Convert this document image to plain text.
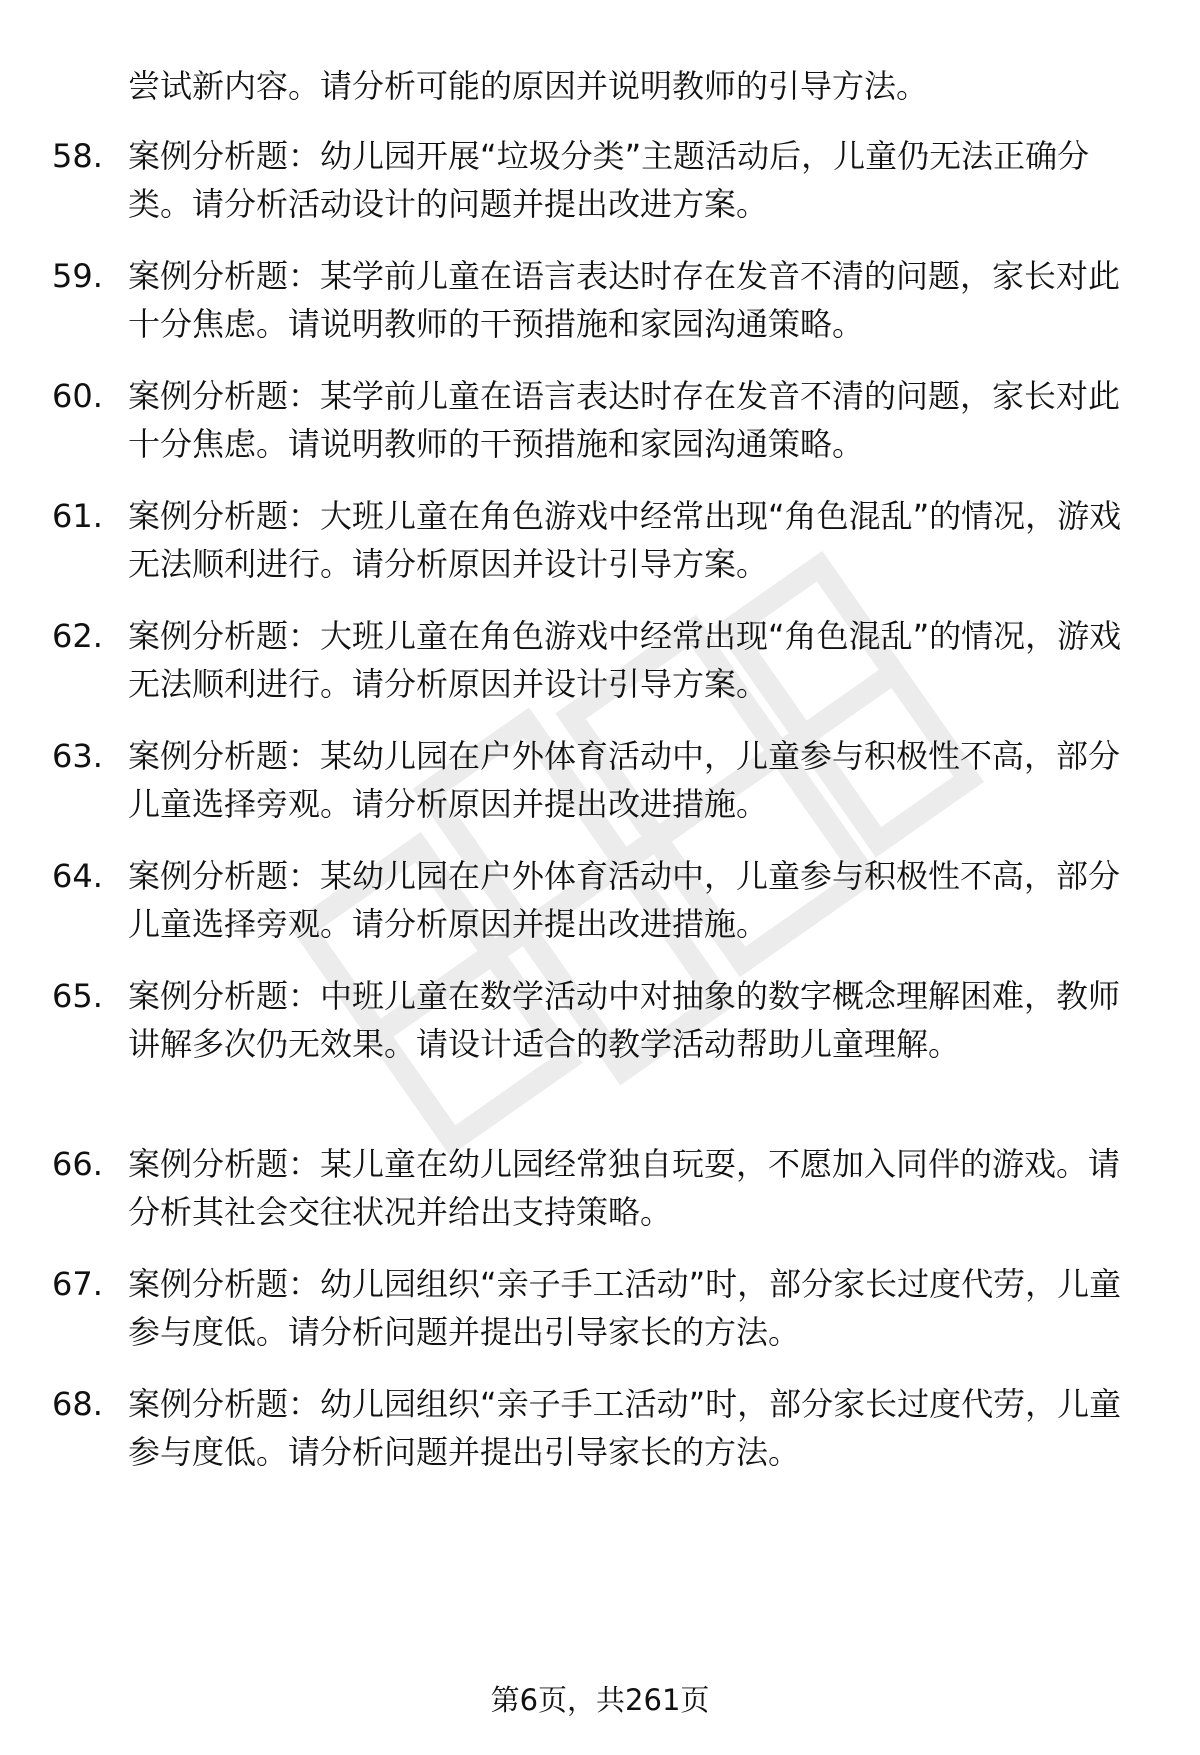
尝试新内容。请分析可能的原因并说明教师的引导方法。
58. 案例分析题：幼儿园开展“垃圾分类”主题活动后，儿童仍无法正确分类。请分析活动设计的问题并提出改进方案。
59. 案例分析题：某学前儿童在语言表达时存在发音不清的问题，家长对此十分焦虑。请说明教师的干预措施和家园沟通策略。
60. 案例分析题：某学前儿童在语言表达时存在发音不清的问题，家长对此十分焦虑。请说明教师的干预措施和家园沟通策略。
61. 案例分析题：大班儿童在角色游戏中经常出现“角色混乱”的情况，游戏无法顺利进行。请分析原因并设计引导方案。
62. 案例分析题：大班儿童在角色游戏中经常出现“角色混乱”的情况，游戏无法顺利进行。请分析原因并设计引导方案。
63. 案例分析题：某幼儿园在户外体育活动中，儿童参与积极性不高，部分儿童选择旁观。请分析原因并提出改进措施。
64. 案例分析题：某幼儿园在户外体育活动中，儿童参与积极性不高，部分儿童选择旁观。请分析原因并提出改进措施。
65. 案例分析题：中班儿童在数学活动中对抽象的数字概念理解困难，教师讲解多次仍无效果。请设计适合的教学活动帮助儿童理解。
66. 案例分析题：某儿童在幼儿园经常独自玩耍，不愿加入同伴的游戏。请分析其社会交往状况并给出支持策略。
67. 案例分析题：幼儿园组织“亲子手工活动”时，部分家长过度代劳，儿童参与度低。请分析问题并提出引导家长的方法。
68. 案例分析题：幼儿园组织“亲子手工活动”时，部分家长过度代劳，儿童参与度低。请分析问题并提出引导家长的方法。
第6页，共261页
